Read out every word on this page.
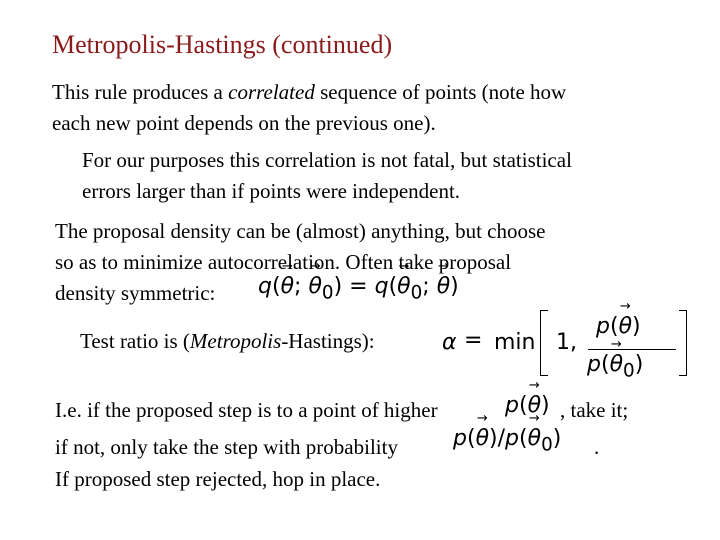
Metropolis-Hastings (continued)
This rule produces a correlated sequence of points (note how
each new point depends on the previous one).
For our purposes this correlation is not fatal, but statistical
errors larger than if points were independent.
The proposal density can be (almost) anything, but choose
so as to minimize autocorrelation. Often take proposal
density symmetric:	q(→ θ; → $\theta_0) = q(\to \theta_0$; → θ)
Test ratio is (Metropolis-Hastings):	α = min 1,
p(→ θ)
$p(\to \theta_0)$
I.e. if the proposed step is to a point of higher	p(→ θ) , take it;
if not, only take the step with probability	$p(\to \theta)/p(\to \theta_0)$ .
If proposed step rejected, hop in place.
